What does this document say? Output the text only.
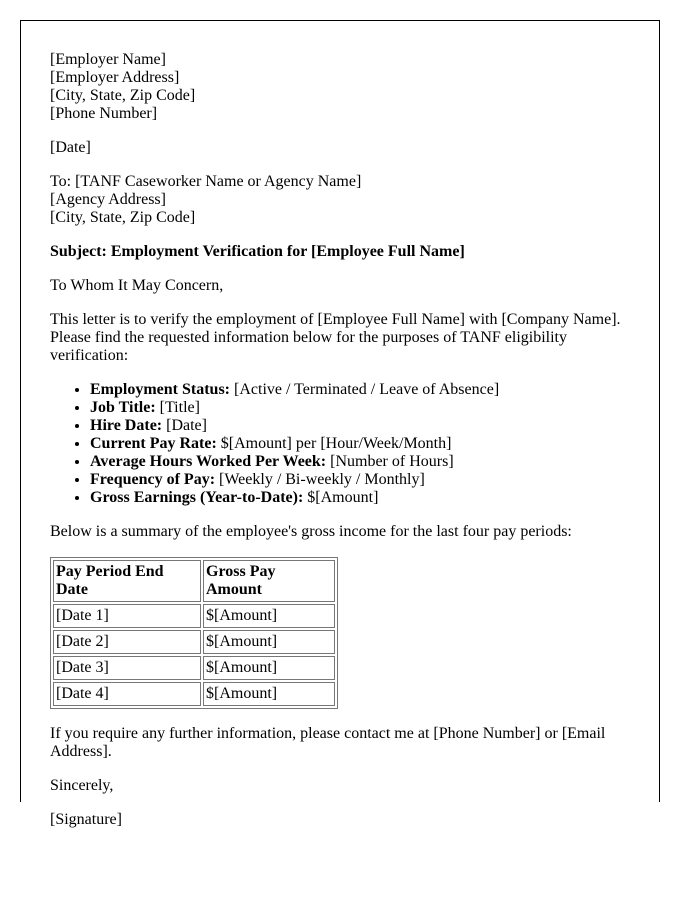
[Employer Name]
[Employer Address]
[City, State, Zip Code]
[Phone Number]
[Date]
To: [TANF Caseworker Name or Agency Name]
[Agency Address]
[City, State, Zip Code]
Subject: Employment Verification for [Employee Full Name]
To Whom It May Concern,
This letter is to verify the employment of [Employee Full Name] with [Company Name]. Please find the requested information below for the purposes of TANF eligibility verification:
• Employment Status: [Active / Terminated / Leave of Absence]
• Job Title: [Title]
• Hire Date: [Date]
• Current Pay Rate: $[Amount] per [Hour/Week/Month]
• Average Hours Worked Per Week: [Number of Hours]
• Frequency of Pay: [Weekly / Bi-weekly / Monthly]
• Gross Earnings (Year-to-Date): $[Amount]
Below is a summary of the employee's gross income for the last four pay periods:
Pay Period End Date	Gross Pay Amount
[Date 1]	$[Amount]
[Date 2]	$[Amount]
[Date 3]	$[Amount]
[Date 4]	$[Amount]
If you require any further information, please contact me at [Phone Number] or [Email Address].
Sincerely,
[Signature]
